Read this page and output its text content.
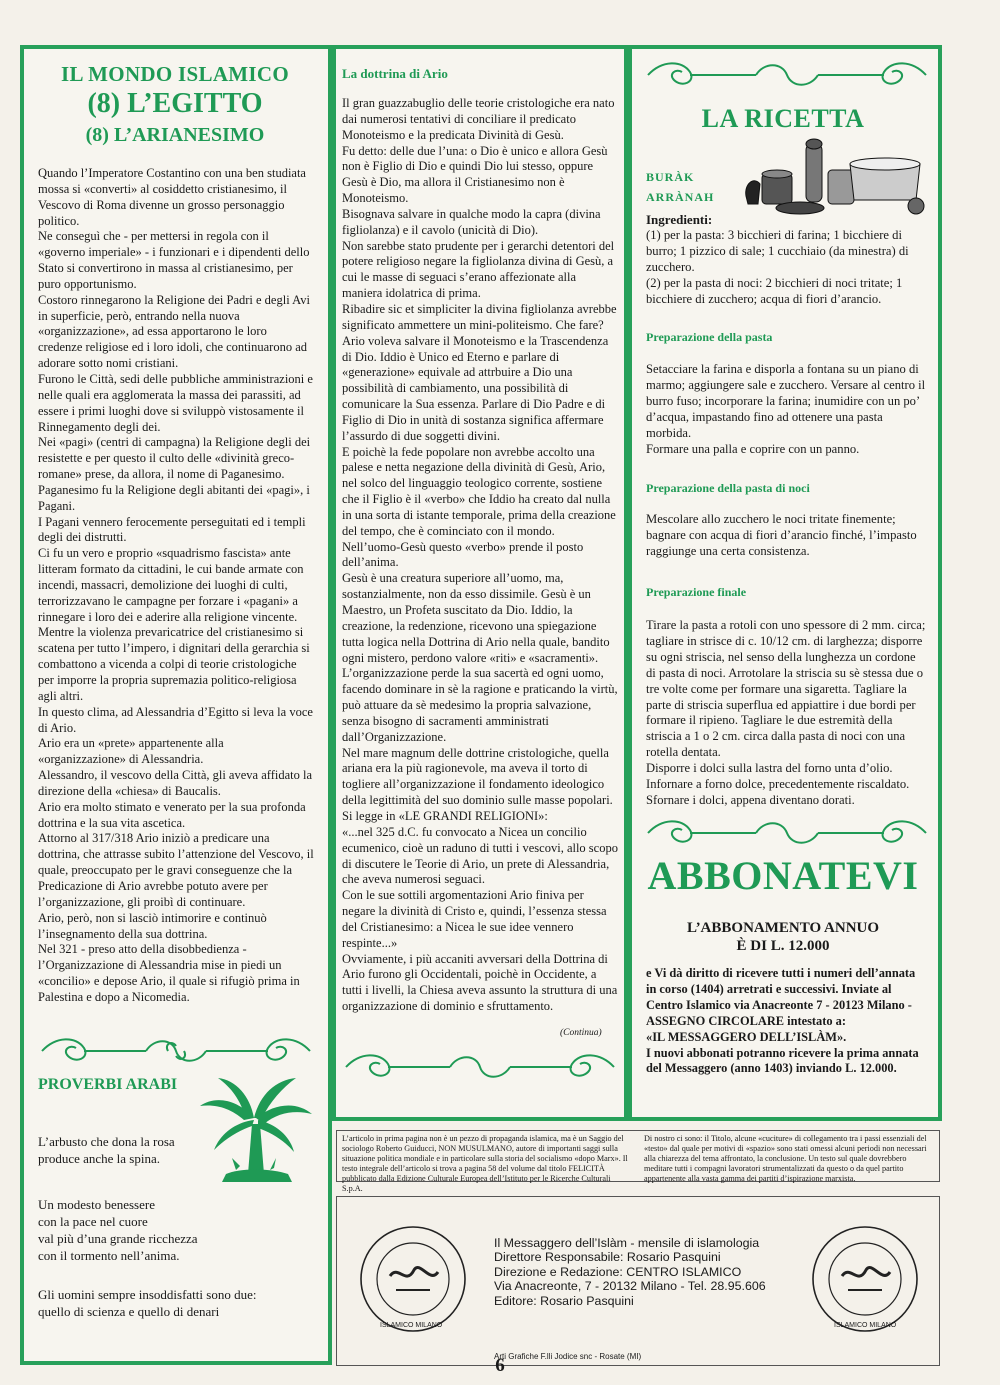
IL MONDO ISLAMICO
(8) L’EGITTO
(8) L’ARIANESIMO

Quando l’Imperatore Costantino con una ben studiata mossa si «converti» al cosiddetto cristianesimo, il Vescovo di Roma divenne un grosso personaggio politico.

Ne conseguì che - per mettersi in regola con il «governo imperiale» - i funzionari e i dipendenti dello Stato si convertirono in massa al cristianesimo, per puro opportunismo.

Costoro rinnegarono la Religione dei Padri e degli Avi in superficie, però, entrando nella nuova «organizzazione», ad essa apportarono le loro credenze religiose ed i loro idoli, che continuarono ad adorare sotto nomi cristiani.

Furono le Città, sedi delle pubbliche amministrazioni e nelle quali era agglomerata la massa dei parassiti, ad essere i primi luoghi dove si sviluppò vistosamente il Rinnegamento degli dei.

Nei «pagi» (centri di campagna) la Religione degli dei resistette e per questo il culto delle «divinità greco-romane» prese, da allora, il nome di Paganesimo.

Paganesimo fu la Religione degli abitanti dei «pagi», i Pagani.

I Pagani vennero ferocemente perseguitati ed i templi degli dei distrutti.

Ci fu un vero e proprio «squadrismo fascista» ante litteram formato da cittadini, le cui bande armate con incendi, massacri, demolizione dei luoghi di culti, terrorizzavano le campagne per forzare i «pagani» a rinnegare i loro dei e aderire alla religione vincente.

Mentre la violenza prevaricatrice del cristianesimo si scatena per tutto l’impero, i dignitari della gerarchia si combattono a vicenda a colpi di teorie cristologiche per imporre la propria supremazia politico-religiosa agli altri.

In questo clima, ad Alessandria d’Egitto si leva la voce di Ario.

Ario era un «prete» appartenente alla «organizzazione» di Alessandria.

Alessandro, il vescovo della Città, gli aveva affidato la direzione della «chiesa» di Baucalis.

Ario era molto stimato e venerato per la sua profonda dottrina e la sua vita ascetica.

Attorno al 317/318 Ario iniziò a predicare una dottrina, che attrasse subito l’attenzione del Vescovo, il quale, preoccupato per le gravi conseguenze che la Predicazione di Ario avrebbe potuto avere per l’organizzazione, gli proibì di continuare.

Ario, però, non si lasciò intimorire e continuò l’insegnamento della sua dottrina.

Nel 321 - preso atto della disobbedienza -l’Organizzazione di Alessandria mise in piedi un «concilio» e depose Ario, il quale si rifugiò prima in Palestina e dopo a Nicomedia.

PROVERBI ARABI
L’arbusto che dona la rosa
produce anche la spina.
Un modesto benessere
con la pace nel cuore
val più d’una grande ricchezza
con il tormento nell’anima.
Gli uomini sempre insoddisfatti sono due:
quello di scienza e quello di denari
La dottrina di Ario

Il gran guazzabuglio delle teorie cristologiche era nato dai numerosi tentativi di conciliare il predicato Monoteismo e la predicata Divinità di Gesù.

Fu detto: delle due l’una: o Dio è unico e allora Gesù non è Figlio di Dio e quindi Dio lui stesso, oppure Gesù è Dio, ma allora il Cristianesimo non è Monoteismo.

Bisognava salvare in qualche modo la capra (divina figliolanza) e il cavolo (unicità di Dio).

Non sarebbe stato prudente per i gerarchi detentori del potere religioso negare la figliolanza divina di Gesù, a cui le masse di seguaci s’erano affezionate alla maniera idolatrica di prima.

Ribadire sic et simpliciter la divina figliolanza avrebbe significato ammettere un mini-politeismo. Che fare?

Ario voleva salvare il Monoteismo e la Trascendenza di Dio. Iddio è Unico ed Eterno e parlare di «generazione» equivale ad attrbuire a Dio una possibilità di cambiamento, una possibilità di comunicare la Sua essenza. Parlare di Dio Padre e di Figlio di Dio in unità di sostanza significa affermare l’assurdo di due soggetti divini.

E poichè la fede popolare non avrebbe accolto una palese e netta negazione della divinità di Gesù, Ario, nel solco del linguaggio teologico corrente, sostiene che il Figlio è il «verbo» che Iddio ha creato dal nulla in una sorta di istante temporale, prima della creazione del tempo, che è cominciato con il mondo.

Nell’uomo-Gesù questo «verbo» prende il posto dell’anima.

Gesù è una creatura superiore all’uomo, ma, sostanzialmente, non da esso dissimile. Gesù è un Maestro, un Profeta suscitato da Dio. Iddio, la creazione, la redenzione, ricevono una spiegazione tutta logica nella Dottrina di Ario nella quale, bandito ogni mistero, perdono valore «riti» e «sacramenti». L’organizzazione perde la sua sacertà ed ogni uomo, facendo dominare in sè la ragione e praticando la virtù, può attuare da sè medesimo la propria salvazione, senza bisogno di sacramenti amministrati dall’Organizzazione.

Nel mare magnum delle dottrine cristologiche, quella ariana era la più ragionevole, ma aveva il torto di togliere all’organizzazione il fondamento ideologico della legittimità del suo dominio sulle masse popolari.

Si legge in «LE GRANDI RELIGIONI»:

«...nel 325 d.C. fu convocato a Nicea un concilio ecumenico, cioè un raduno di tutti i vescovi, allo scopo di discutere le Teorie di Ario, un prete di Alessandria, che aveva numerosi seguaci.

Con le sue sottili argomentazioni Ario finiva per negare la divinità di Cristo e, quindi, l’essenza stessa del Cristianesimo: a Nicea le sue idee vennero respinte...»

Ovviamente, i più accaniti avversari della Dottrina di Ario furono gli Occidentali, poichè in Occidente, a tutti i livelli, la Chiesa aveva assunto la struttura di una organizzazione di dominio e sfruttamento.

(Continua)
LA RICETTA
BURÀK
ARRÀNAH
Ingredienti:

(1) per la pasta: 3 bicchieri di farina; 1 bicchiere di burro; 1 pizzico di sale; 1 cucchiaio (da minestra) di zucchero.

(2) per la pasta di noci: 2 bicchieri di noci tritate; 1 bicchiere di zucchero; acqua di fiori d’arancio.

Preparazione della pasta

Setacciare la farina e disporla a fontana su un piano di marmo; aggiungere sale e zucchero. Versare al centro il burro fuso; incorporare la farina; inumidire con un po’ d’acqua, impastando fino ad ottenere una pasta morbida.

Formare una palla e coprire con un panno.

Preparazione della pasta di noci

Mescolare allo zucchero le noci tritate finemente; bagnare con acqua di fiori d’arancio finché, l’impasto raggiunge una certa consistenza.

Preparazione finale

Tirare la pasta a rotoli con uno spessore di 2 mm. circa; tagliare in strisce di c. 10/12 cm. di larghezza; disporre su ogni striscia, nel senso della lunghezza un cordone di pasta di noci. Arrotolare la striscia su sè stessa due o tre volte come per formare una sigaretta. Tagliare la parte di striscia superflua ed appiattire i due bordi per formare il ripieno. Tagliare le due estremità della striscia a 1 o 2 cm. circa dalla pasta di noci con una rotella dentata.

Disporre i dolci sulla lastra del forno unta d’olio. Infornare a forno dolce, precedentemente riscaldato. Sfornare i dolci, appena diventano dorati.

ABBONATEVI
L’ABBONAMENTO ANNUO
È DI L. 12.000
e Vi dà diritto di ricevere tutti i numeri dell’annata in corso (1404) arretrati e successivi. Inviate al Centro Islamico via Anacreonte 7 - 20123 Milano - ASSEGNO CIRCOLARE intestato a:
«IL MESSAGGERO DELL’ISLÀM».
I nuovi abbonati potranno ricevere la prima annata del Messaggero (anno 1403) inviando L. 12.000.
L’articolo in prima pagina non è un pezzo di propaganda islamica, ma è un Saggio del sociologo Roberto Guiducci, NON MUSULMANO, autore di importanti saggi sulla situazione politica mondiale e in particolare sulla storia del socialismo «dopo Marx». Il testo integrale dell’articolo si trova a pagina 58 del volume dal titolo FELICITÀ pubblicato dalla Edizione Culturale Europea dell’Istituto per le Ricerche Culturali S.p.A.
Di nostro ci sono: il Titolo, alcune «cuciture» di collegamento tra i passi essenziali del «testo» dal quale per motivi di «spazio» sono stati omessi alcuni periodi non necessari alla chiarezza del tema affrontato, la conclusione. Un testo sul quale dovrebbero meditare tutti i compagni lavoratori strumentalizzati da questo o da quel partito appartenente alla vasta gamma dei partiti d’ispirazione marxista.
ISLAMICO MILANO
Il Messaggero dell’Islàm - mensile di islamologia
Direttore Responsabile: Rosario Pasquini
Direzione e Redazione: CENTRO ISLAMICO
Via Anacreonte, 7 - 20132 Milano - Tel. 28.95.606
Editore: Rosario Pasquini
ISLAMICO MILANO
Arti Grafiche F.lli Jodice snc - Rosate (MI)
6
